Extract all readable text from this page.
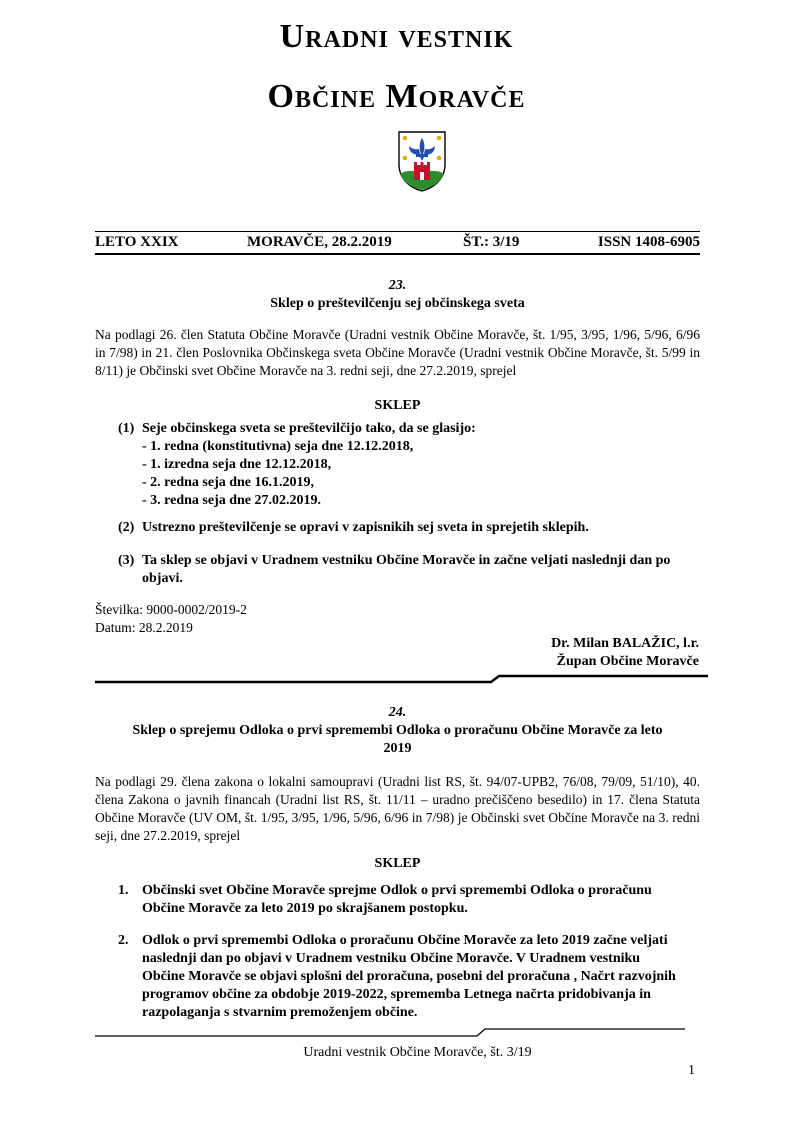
Uradni vestnik
Občine Moravče
LETO XXIX	MORAVČE, 28.2.2019	ŠT.: 3/19	ISSN 1408-6905
23.
Sklep o preštevilčenju sej občinskega sveta
Na podlagi 26. člen Statuta Občine Moravče (Uradni vestnik Občine Moravče, št. 1/95, 3/95, 1/96, 5/96, 6/96 in 7/98) in 21. člen Poslovnika Občinskega sveta Občine Moravče (Uradni vestnik Občine Moravče, št. 5/99 in 8/11) je Občinski svet Občine Moravče na 3. redni seji, dne 27.2.2019, sprejel
SKLEP
(1) Seje občinskega sveta se preštevilčijo tako, da se glasijo:
- 1. redna (konstitutivna) seja dne 12.12.2018,
- 1. izredna seja dne 12.12.2018,
- 2. redna seja dne 16.1.2019,
- 3. redna seja dne 27.02.2019.
(2) Ustrezno preštevilčenje se opravi v zapisnikih sej sveta in sprejetih sklepih.
(3) Ta sklep se objavi v Uradnem vestniku Občine Moravče in začne veljati naslednji dan po
objavi.
Številka: 9000-0002/2019-2
Datum: 28.2.2019
Dr. Milan BALAŽIC, l.r.
Župan Občine Moravče
24.
Sklep o sprejemu Odloka o prvi spremembi Odloka o proračunu Občine Moravče za leto
2019
Na podlagi 29. člena zakona o lokalni samoupravi (Uradni list RS, št. 94/07-UPB2, 76/08, 79/09, 51/10), 40. člena Zakona o javnih financah (Uradni list RS, št. 11/11 – uradno prečiščeno besedilo) in 17. člena Statuta Občine Moravče (UV OM, št. 1/95, 3/95, 1/96, 5/96, 6/96 in 7/98) je Občinski svet Občine Moravče na 3. redni seji, dne 27.2.2019, sprejel
SKLEP
1. Občinski svet Občine Moravče sprejme Odlok o prvi spremembi Odloka o proračunu
Občine Moravče za leto 2019 po skrajšanem postopku.
2. Odlok o prvi spremembi Odloka o proračunu Občine Moravče za leto 2019 začne veljati
naslednji dan po objavi v Uradnem vestniku Občine Moravče. V Uradnem vestniku
Občine Moravče se objavi splošni del proračuna, posebni del proračuna , Načrt razvojnih
programov občine za obdobje 2019-2022, sprememba Letnega načrta pridobivanja in
razpolaganja s stvarnim premoženjem občine.
Uradni vestnik Občine Moravče, št. 3/19
1
